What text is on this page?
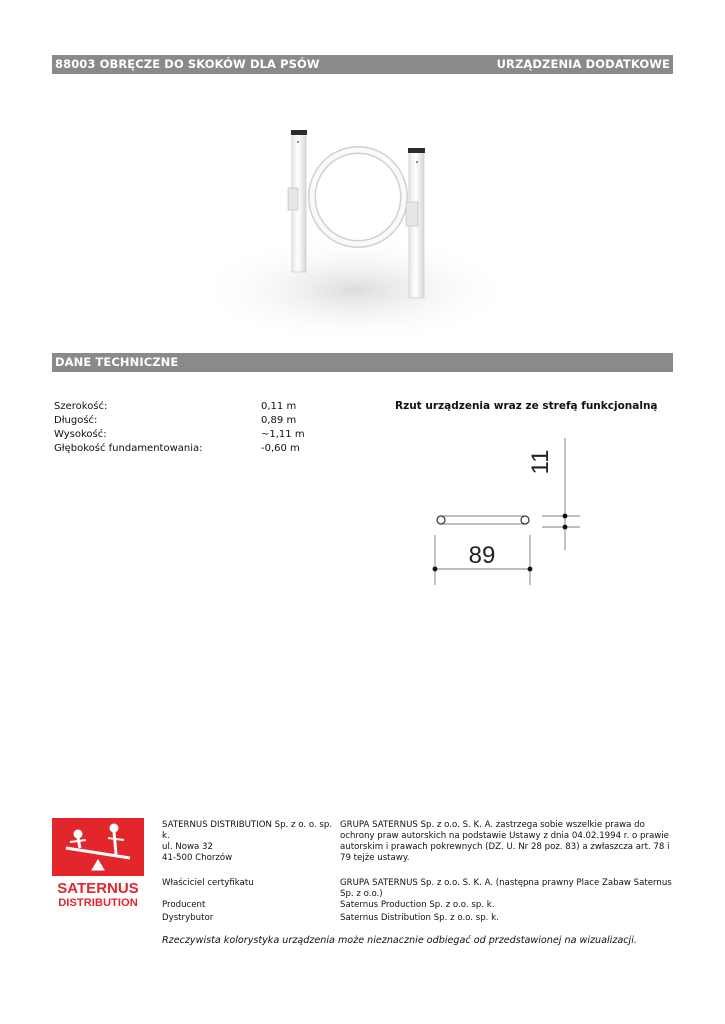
88003 OBRĘCZE DO SKOKÓW DLA PSÓW	URZĄDZENIA DODATKOWE
DANE TECHNICZNE
Szerokość:	0,11 m
Długość:	0,89 m
Wysokość:	~1,11 m
Głębokość fundamentowania:	-0,60 m
Rzut urządzenia wraz ze strefą funkcjonalną
11
89
SATERNUS
DISTRIBUTION
SATERNUS DISTRIBUTION Sp. z o. o. sp. k.
ul. Nowa 32
41-500 Chorzów
GRUPA SATERNUS Sp. z o.o. S. K. A. zastrzega sobie wszelkie prawa do ochrony praw autorskich na podstawie Ustawy z dnia 04.02.1994 r. o prawie autorskim i prawach pokrewnych (DZ. U. Nr 28 poz. 83) a zwłaszcza art. 78 i 79 tejże ustawy.
Właściciel certyfikatu	GRUPA SATERNUS Sp. z o.o. S. K. A. (następna prawny Place Zabaw Saternus Sp. z o.o.)
Producent	Saternus Production Sp. z o.o. sp. k.
Dystrybutor	Saternus Distribution Sp. z o.o. sp. k.
Rzeczywista kolorystyka urządzenia może nieznacznie odbiegać od przedstawionej na wizualizacji.
